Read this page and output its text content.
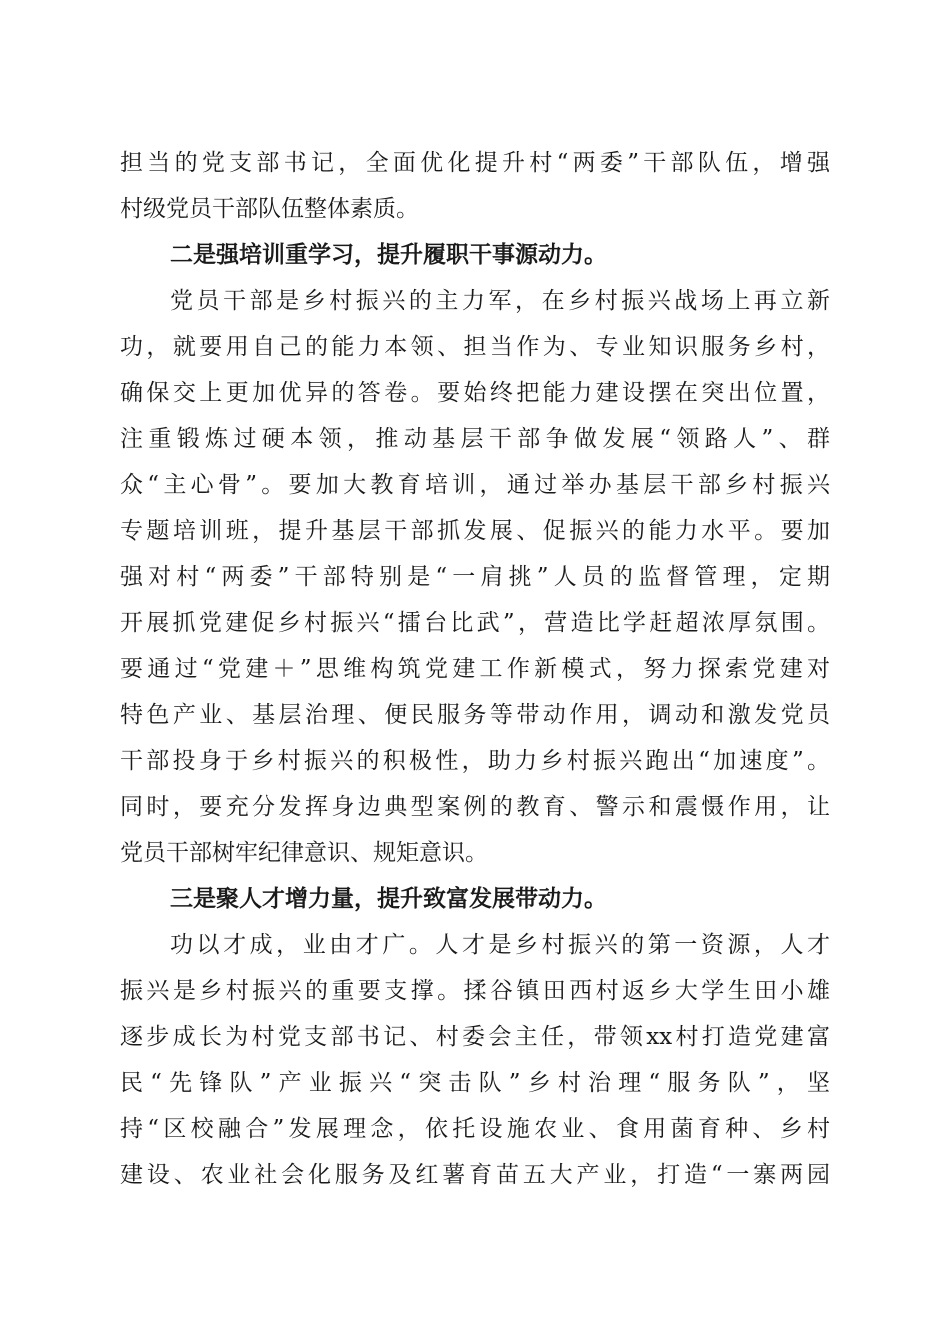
担当的党支部书记，全面优化提升村“两委”干部队伍，增强
村级党员干部队伍整体素质。
二是强培训重学习，提升履职干事源动力。
党员干部是乡村振兴的主力军，在乡村振兴战场上再立新
功，就要用自己的能力本领、担当作为、专业知识服务乡村，
确保交上更加优异的答卷。要始终把能力建设摆在突出位置，
注重锻炼过硬本领，推动基层干部争做发展“领路人”、群
众“主心骨”。要加大教育培训，通过举办基层干部乡村振兴
专题培训班，提升基层干部抓发展、促振兴的能力水平。要加
强对村“两委”干部特别是“一肩挑”人员的监督管理，定期
开展抓党建促乡村振兴“擂台比武”，营造比学赶超浓厚氛围。
要通过“党建＋”思维构筑党建工作新模式，努力探索党建对
特色产业、基层治理、便民服务等带动作用，调动和激发党员
干部投身于乡村振兴的积极性，助力乡村振兴跑出“加速度”。
同时，要充分发挥身边典型案例的教育、警示和震慑作用，让
党员干部树牢纪律意识、规矩意识。
三是聚人才增力量，提升致富发展带动力。
功以才成，业由才广。人才是乡村振兴的第一资源，人才
振兴是乡村振兴的重要支撑。揉谷镇田西村返乡大学生田小雄
逐步成长为村党支部书记、村委会主任，带领xx村打造党建富
民“先锋队”产业振兴“突击队”乡村治理“服务队”，坚
持“区校融合”发展理念，依托设施农业、食用菌育种、乡村
建设、农业社会化服务及红薯育苗五大产业，打造“一寨两园
